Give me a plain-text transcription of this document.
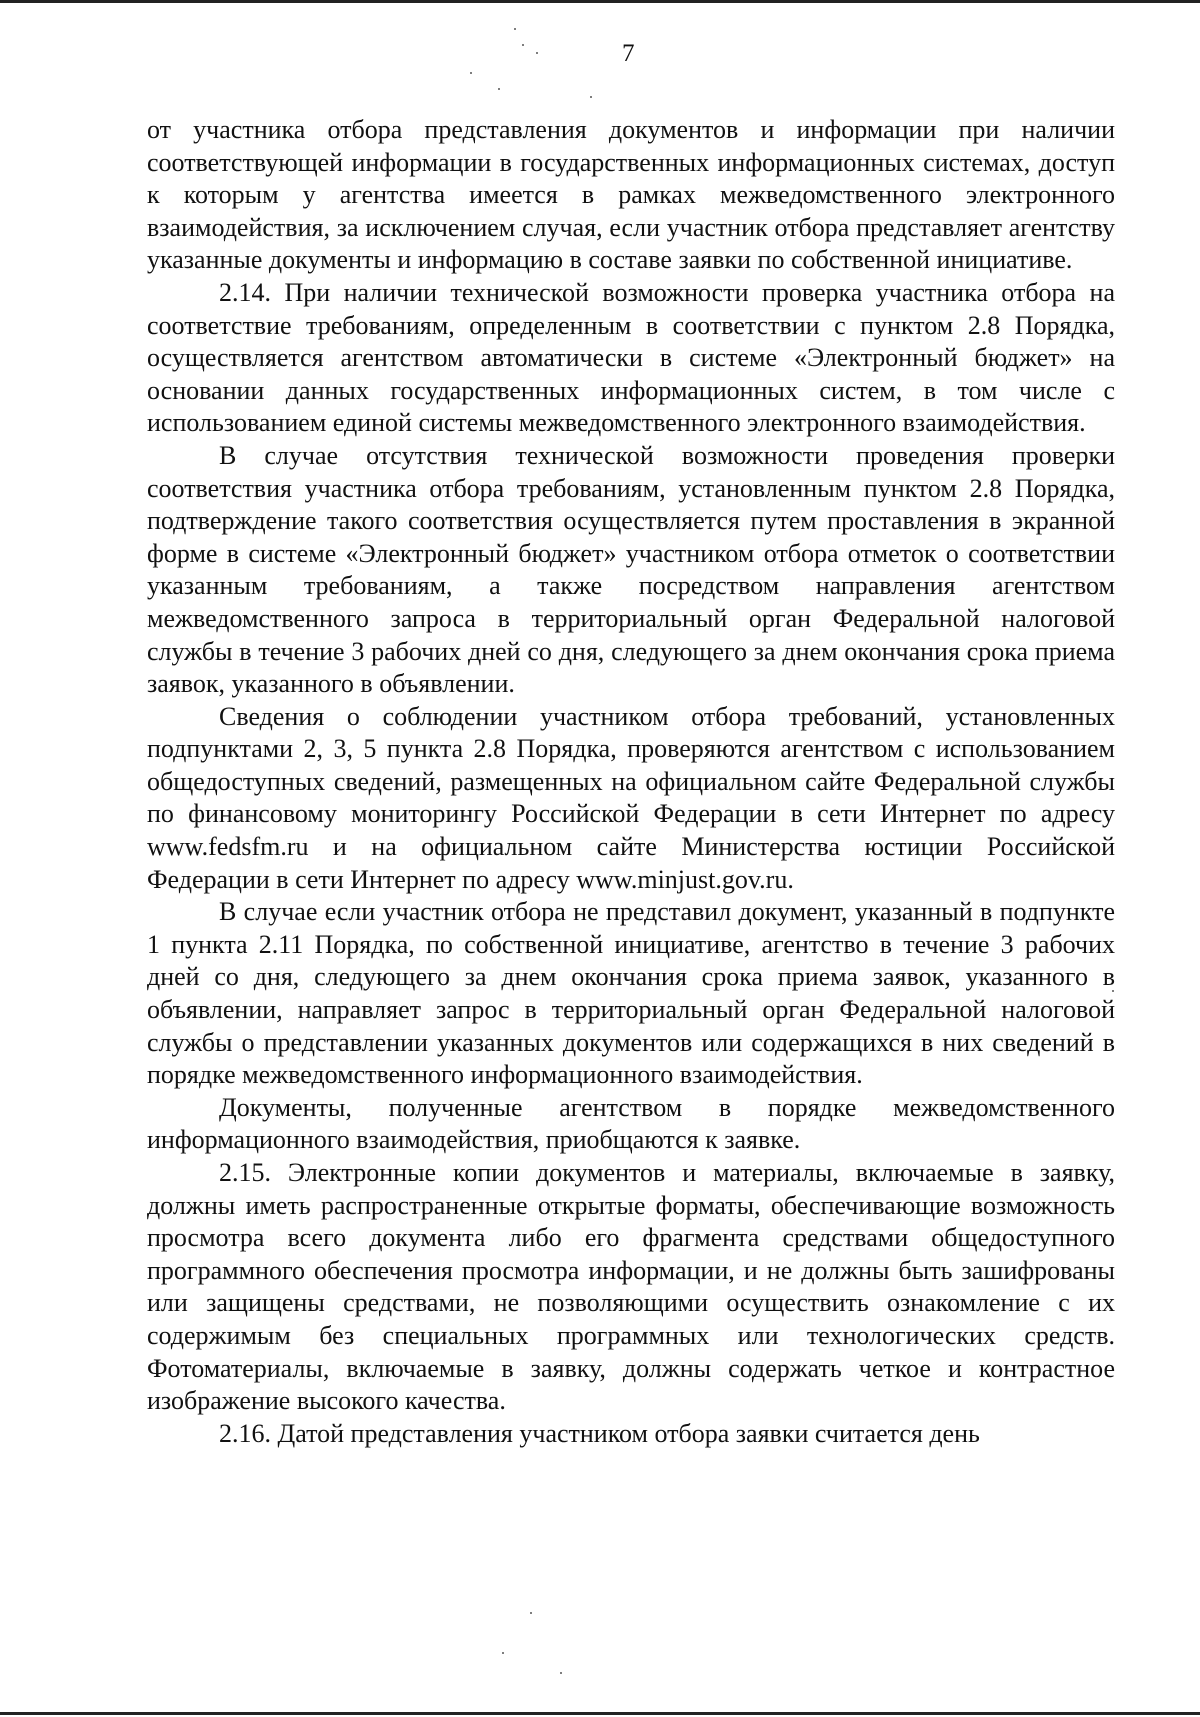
7

от участника отбора представления документов и информации при наличии соответствующей информации в государственных информационных системах, доступ к которым у агентства имеется в рамках межведомственного электронного взаимодействия, за исключением случая, если участник отбора представляет агентству указанные документы и информацию в составе заявки по собственной инициативе.

2.14. При наличии технической возможности проверка участника отбора на соответствие требованиям, определенным в соответствии с пунктом 2.8 Порядка, осуществляется агентством автоматически в системе «Электронный бюджет» на основании данных государственных информационных систем, в том числе с использованием единой системы межведомственного электронного взаимодействия.

В случае отсутствия технической возможности проведения проверки соответствия участника отбора требованиям, установленным пунктом 2.8 Порядка, подтверждение такого соответствия осуществляется путем проставления в экранной форме в системе «Электронный бюджет» участником отбора отметок о соответствии указанным требованиям, а также посредством направления агентством межведомственного запроса в территориальный орган Федеральной налоговой службы в течение 3 рабочих дней со дня, следующего за днем окончания срока приема заявок, указанного в объявлении.

Сведения о соблюдении участником отбора требований, установленных подпунктами 2, 3, 5 пункта 2.8 Порядка, проверяются агентством с использованием общедоступных сведений, размещенных на официальном сайте Федеральной службы по финансовому мониторингу Российской Федерации в сети Интернет по адресу www.fedsfm.ru и на официальном сайте Министерства юстиции Российской Федерации в сети Интернет по адресу www.minjust.gov.ru.

В случае если участник отбора не представил документ, указанный в подпункте 1 пункта 2.11 Порядка, по собственной инициативе, агентство в течение 3 рабочих дней со дня, следующего за днем окончания срока приема заявок, указанного в объявлении, направляет запрос в территориальный орган Федеральной налоговой службы о представлении указанных документов или содержащихся в них сведений в порядке межведомственного информационного взаимодействия.

Документы, полученные агентством в порядке межведомственного информационного взаимодействия, приобщаются к заявке.

2.15. Электронные копии документов и материалы, включаемые в заявку, должны иметь распространенные открытые форматы, обеспечивающие возможность просмотра всего документа либо его фрагмента средствами общедоступного программного обеспечения просмотра информации, и не должны быть зашифрованы или защищены средствами, не позволяющими осуществить ознакомление с их содержимым без специальных программных или технологических средств. Фотоматериалы, включаемые в заявку, должны содержать четкое и контрастное изображение высокого качества.

2.16. Датой представления участником отбора заявки считается день
